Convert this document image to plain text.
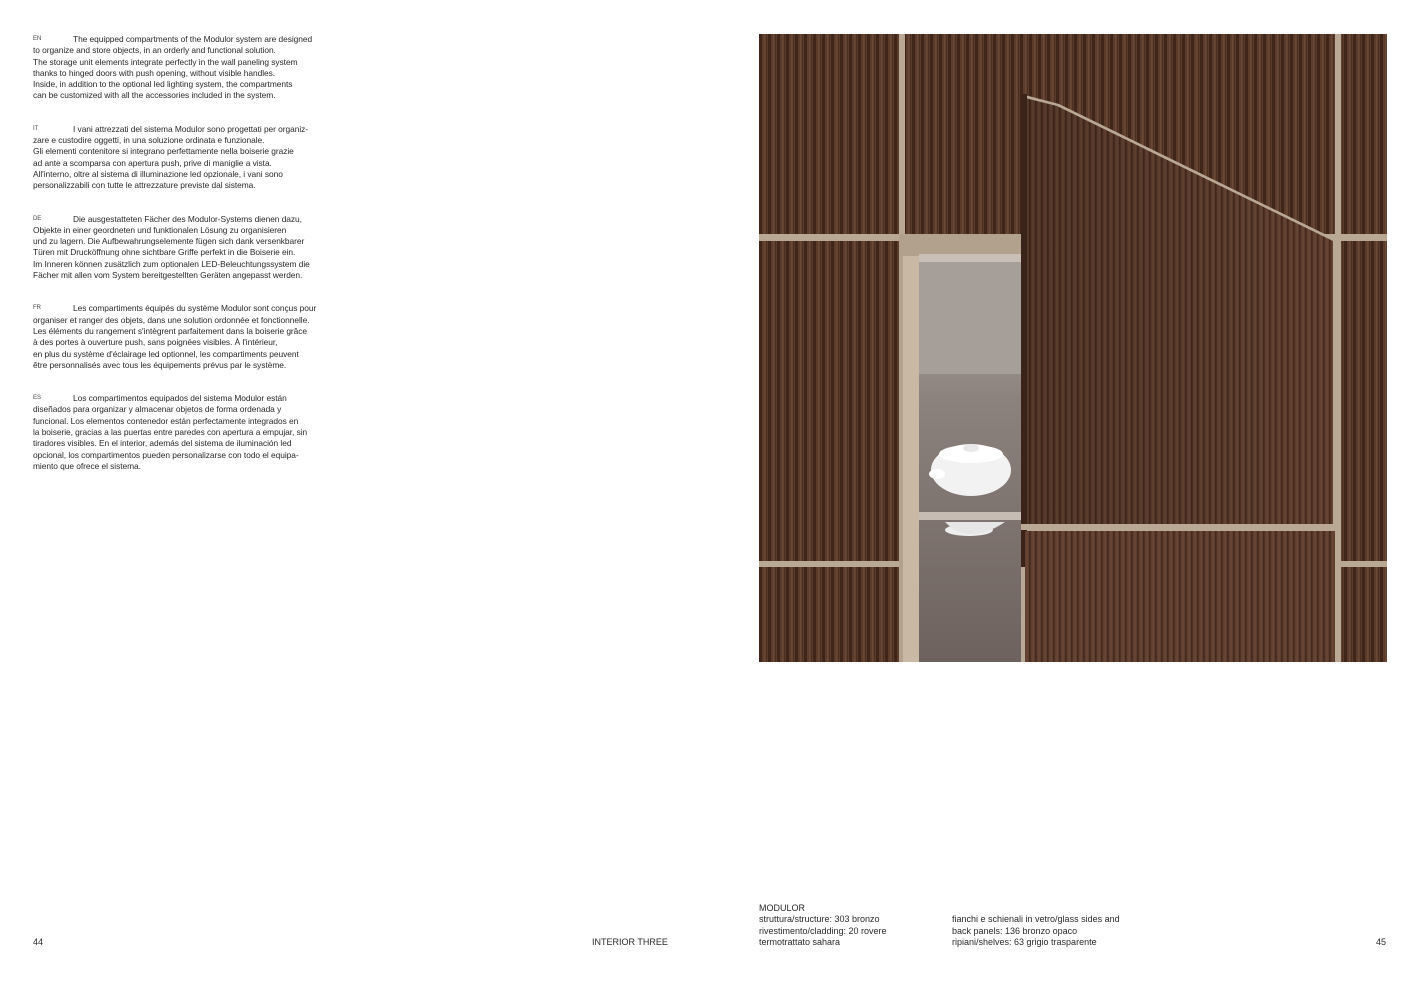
EN	The equipped compartments of the Modulor system are designed
to organize and store objects, in an orderly and functional solution.
The storage unit elements integrate perfectly in the wall paneling system
thanks to hinged doors with push opening, without visible handles.
Inside, in addition to the optional led lighting system, the compartments
can be customized with all the accessories included in the system.

IT	I vani attrezzati del sistema Modulor sono progettati per organiz-
zare e custodire oggetti, in una soluzione ordinata e funzionale.
Gli elementi contenitore si integrano perfettamente nella boiserie grazie
ad ante a scomparsa con apertura push, prive di maniglie a vista.
All'interno, oltre al sistema di illuminazione led opzionale, i vani sono
personalizzabili con tutte le attrezzature previste dal sistema.

DE	Die ausgestatteten Fächer des Modulor-Systems dienen dazu,
Objekte in einer geordneten und funktionalen Lösung zu organisieren
und zu lagern. Die Aufbewahrungselemente fügen sich dank versenkbarer
Türen mit Drucköffnung ohne sichtbare Griffe perfekt in die Boiserie ein.
Im Inneren können zusätzlich zum optionalen LED-Beleuchtungssystem die
Fächer mit allen vom System bereitgestellten Geräten angepasst werden.

FR	Les compartiments équipés du système Modulor sont conçus pour
organiser et ranger des objets, dans une solution ordonnée et fonctionnelle.
Les éléments du rangement s'intègrent parfaitement dans la boiserie grâce
à des portes à ouverture push, sans poignées visibles. À l'intérieur,
en plus du système d'éclairage led optionnel, les compartiments peuvent
être personnalisés avec tous les équipements prévus par le système.

ES	Los compartimentos equipados del sistema Modulor están
diseñados para organizar y almacenar objetos de forma ordenada y
funcional. Los elementos contenedor están perfectamente integrados en
la boiserie, gracias a las puertas entre paredes con apertura a empujar, sin
tiradores visibles. En el interior, además del sistema de iluminación led
opcional, los compartimentos pueden personalizarse con todo el equipa-
miento que ofrece el sistema.

MODULOR
struttura/structure: 303 bronzo
rivestimento/cladding: 20 rovere
termotrattato sahara
fianchi e schienali in vetro/glass sides and
back panels: 136 bronzo opaco
ripiani/shelves: 63 grigio trasparente
44	INTERIOR THREE	45
